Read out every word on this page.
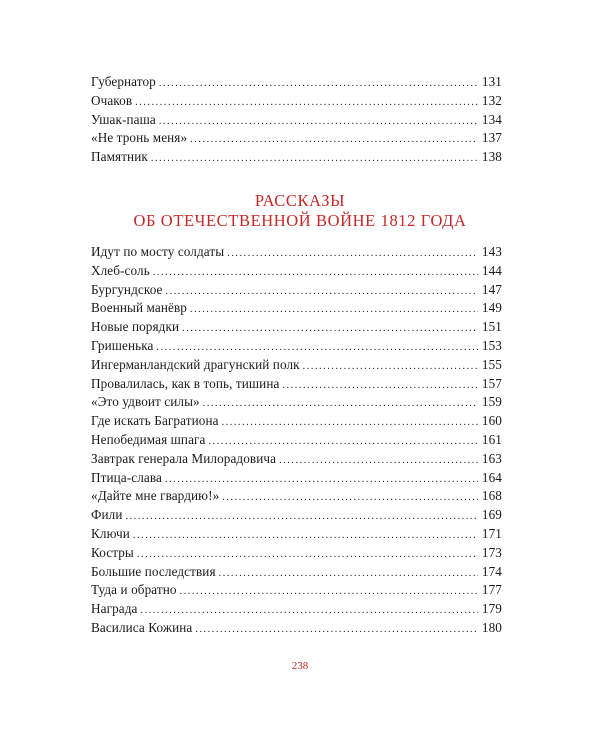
Губернатор .....	131
Очаков .....	132
Ушак-паша .....	134
«Не тронь меня» .....	137
Памятник .....	138
РАССКАЗЫ
ОБ ОТЕЧЕСТВЕННОЙ ВОЙНЕ 1812 ГОДА
Идут по мосту солдаты .....	143
Хлеб-соль .....	144
Бургундское .....	147
Военный манёвр .....	149
Новые порядки .....	151
Гришенька .....	153
Ингерманландский драгунский полк .....	155
Провалилась, как в топь, тишина .....	157
«Это удвоит силы» .....	159
Где искать Багратиона .....	160
Непобедимая шпага .....	161
Завтрак генерала Милорадовича .....	163
Птица-слава .....	164
«Дайте мне гвардию!» .....	168
Фили .....	169
Ключи .....	171
Костры .....	173
Большие последствия .....	174
Туда и обратно .....	177
Награда .....	179
Василиса Кожина .....	180
238
